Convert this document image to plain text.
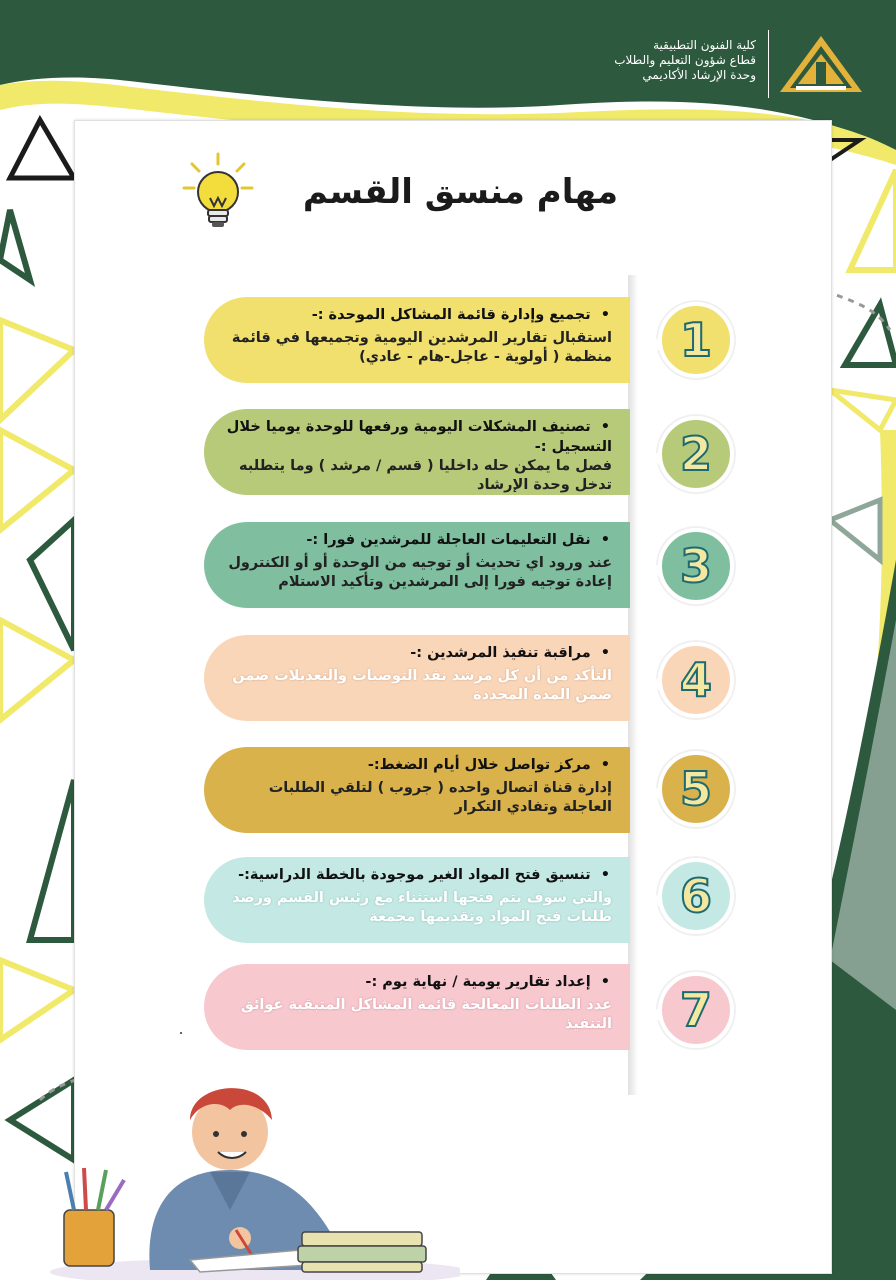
كلية الفنون التطبيقية
قطاع شؤون التعليم والطلاب
وحدة الإرشاد الأكاديمي
مهام منسق القسم
• تجميع وإدارة قائمة المشاكل الموحدة :-
استقبال تقارير المرشدين اليومية وتجميعها في قائمة منظمة ( أولوية - عاجل-هام - عادي)	1
• تصنيف المشكلات اليومية ورفعها للوحدة يوميا خلال التسجيل :-
فصل ما يمكن حله داخليا ( قسم / مرشد ) وما يتطلبه تدخل وحدة الإرشاد
2
• نقل التعليمات العاجلة للمرشدين فورا :-
عند ورود اي تحديث أو توجيه من الوحدة أو أو الكنترول إعادة توجيه فورا إلى المرشدين وتأكيد الاستلام	3
• مراقبة تنفيذ المرشدين :-
التأكد من أن كل مرشد نفذ التوصيات والتعديلات ضمن ضمن المدة المحددة	4
• مركز تواصل خلال أيام الضغط:-
إدارة قناة اتصال واحده ( جروب ) لتلقي الطلبات العاجلة وتفادي التكرار	5
• تنسيق فتح المواد الغير موجودة بالخطة الدراسية:-
والتي سوف يتم فتحها استثناء مع رئيس القسم ورصد طلبات فتح المواد وتقديمها مجمعة	6
• إعداد تقارير يومية / نهاية يوم :-
عدد الطلبات المعالجة قائمة المشاكل المتبقية عوائق التنفيذ	7
